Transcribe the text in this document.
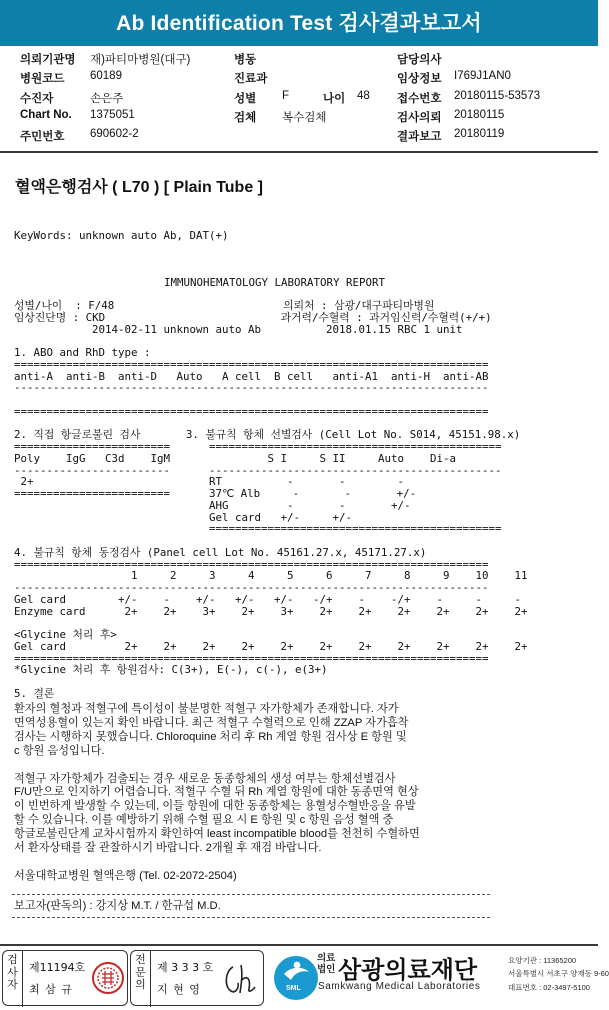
Ab Identification Test 검사결과보고서
의뢰기관명 재)파티마병원(대구)	병동	담당의사
병원코드 60189	진료과	임상정보 I769J1AN0
수진자	손은주	성별 F	나이 48 접수번호 20180115-53573
Chart No. 1375051	검체 복수검체	검사의뢰 20180115
주민번호 690602-2	결과보고 20180119
혈액은행검사 ( L70 ) [ Plain Tube ]

KeyWords: unknown auto Ab, DAT(+)

IMMUNOHEMATOLOGY LABORATORY REPORT
성별/나이  : F/48                          의뢰처 : 삼광/대구파티마병원
임상진단명 : CKD                           과거력/수혈력 : 과거임신력/수혈력(+/+)
2014-02-11 unknown auto Ab          2018.01.15 RBC 1 unit
1. ABO and RhD type :
=========================================================================
anti-A  anti-B  anti-D   Auto   A cell  B cell   anti-A1  anti-H  anti-AB
-------------------------------------------------------------------------
=========================================================================
2. 직접 항글로불린 검사       3. 불규칙 항체 선별검사 (Cell Lot No. S014, 45151.98.x)
========================      =============================================
Poly    IgG   C3d    IgM               S I     S II     Auto    Di-a
------------------------      ---------------------------------------------
2+                           RT          -       -        -
========================      37℃ Alb     -       -       +/-
AHG         -       -       +/-
Gel card   +/-     +/-
=============================================
4. 불규칙 항체 동정검사 (Panel cell Lot No. 45161.27.x, 45171.27.x)
=========================================================================
1     2     3     4     5     6     7     8     9    10    11
-------------------------------------------------------------------------
Gel card        +/-    -    +/-   +/-   +/-   -/+    -    -/+    -     -     -
Enzyme card      2+    2+    3+    2+    3+    2+    2+    2+    2+    2+    2+
<Glycine 처리 후>
Gel card         2+    2+    2+    2+    2+    2+    2+    2+    2+    2+    2+
=========================================================================
*Glycine 처리 후 항원검사: C(3+), E(-), c(-), e(3+)
5. 결론

환자의 혈청과 적혈구에 특이성이 불분명한 적혈구 자가항체가 존재합니다. 자가
면역성용혈이 있는지 확인 바랍니다. 최근 적혈구 수혈력으로 인해 ZZAP 자가흡착
검사는 시행하지 못했습니다. Chloroquine 처리 후 Rh 계열 항원 검사상 E 항원 및
c 항원 음성입니다.
적혈구 자가항체가 검출되는 경우 새로운 동종항체의 생성 여부는 항체선별검사
F/U만으로 인지하기 어렵습니다. 적혈구 수혈 뒤 Rh 계열 항원에 대한 동종면역 현상
이 빈번하게 발생할 수 있는데, 이들 항원에 대한 동종항체는 용혈성수혈반응을 유발
할 수 있습니다. 이를 예방하기 위해 수혈 필요 시 E 항원 및 c 항원 음성 혈액 중
항글로불린단계 교차시험까지 확인하여 least incompatible blood를 천천히 수혈하면
서 환자상태를 잘 관찰하시기 바랍니다. 2개월 후 재검 바랍니다.
서울대학교병원 혈액은행 (Tel. 02-2072-2504)
보고자(판독의) : 강지상 M.T. / 한규섭 M.D.
검
사
자
제11194호
최 삼 규
전
문
의
제 3 3 3 호
지 현 영	SML
의료
법인 삼광의료재단
Samkwang Medical Laboratories
요양기관 : 11365200
서울특별시 서초구 양재동 9-60
대표번호 : 02-3497-5100
